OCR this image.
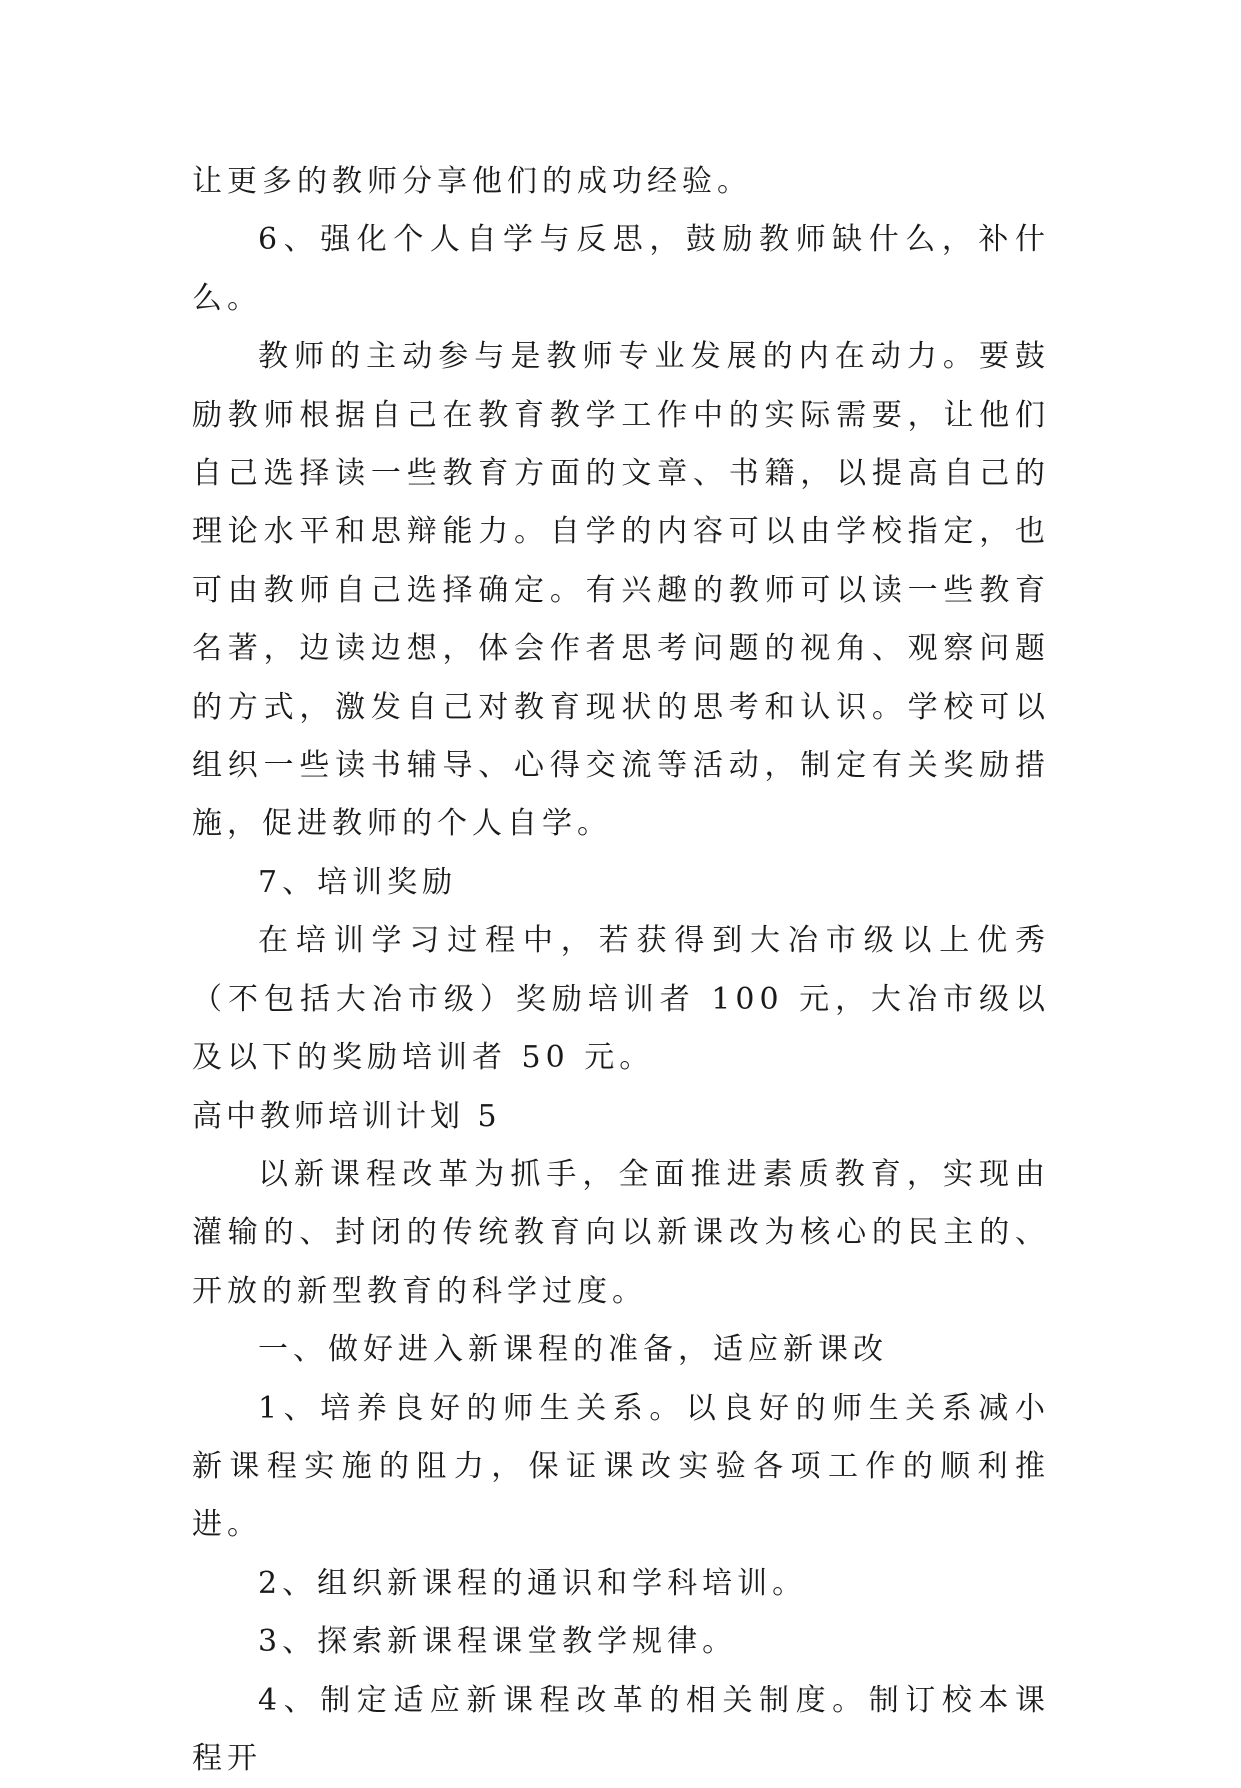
让更多的教师分享他们的成功经验。

6、强化个人自学与反思，鼓励教师缺什么，补什么。

教师的主动参与是教师专业发展的内在动力。要鼓励教师根据自己在教育教学工作中的实际需要，让他们自己选择读一些教育方面的文章、书籍，以提高自己的理论水平和思辩能力。自学的内容可以由学校指定，也可由教师自己选择确定。有兴趣的教师可以读一些教育名著，边读边想，体会作者思考问题的视角、观察问题的方式，激发自己对教育现状的思考和认识。学校可以组织一些读书辅导、心得交流等活动，制定有关奖励措施，促进教师的个人自学。

7、培训奖励

在培训学习过程中，若获得到大冶市级以上优秀（不包括大冶市级）奖励培训者 100 元，大冶市级以及以下的奖励培训者 50 元。

高中教师培训计划 5

以新课程改革为抓手，全面推进素质教育，实现由灌输的、封闭的传统教育向以新课改为核心的民主的、开放的新型教育的科学过度。

一、做好进入新课程的准备，适应新课改

1、培养良好的师生关系。以良好的师生关系减小新课程实施的阻力，保证课改实验各项工作的顺利推进。

2、组织新课程的通识和学科培训。

3、探索新课程课堂教学规律。

4、制定适应新课程改革的相关制度。制订校本课程开
